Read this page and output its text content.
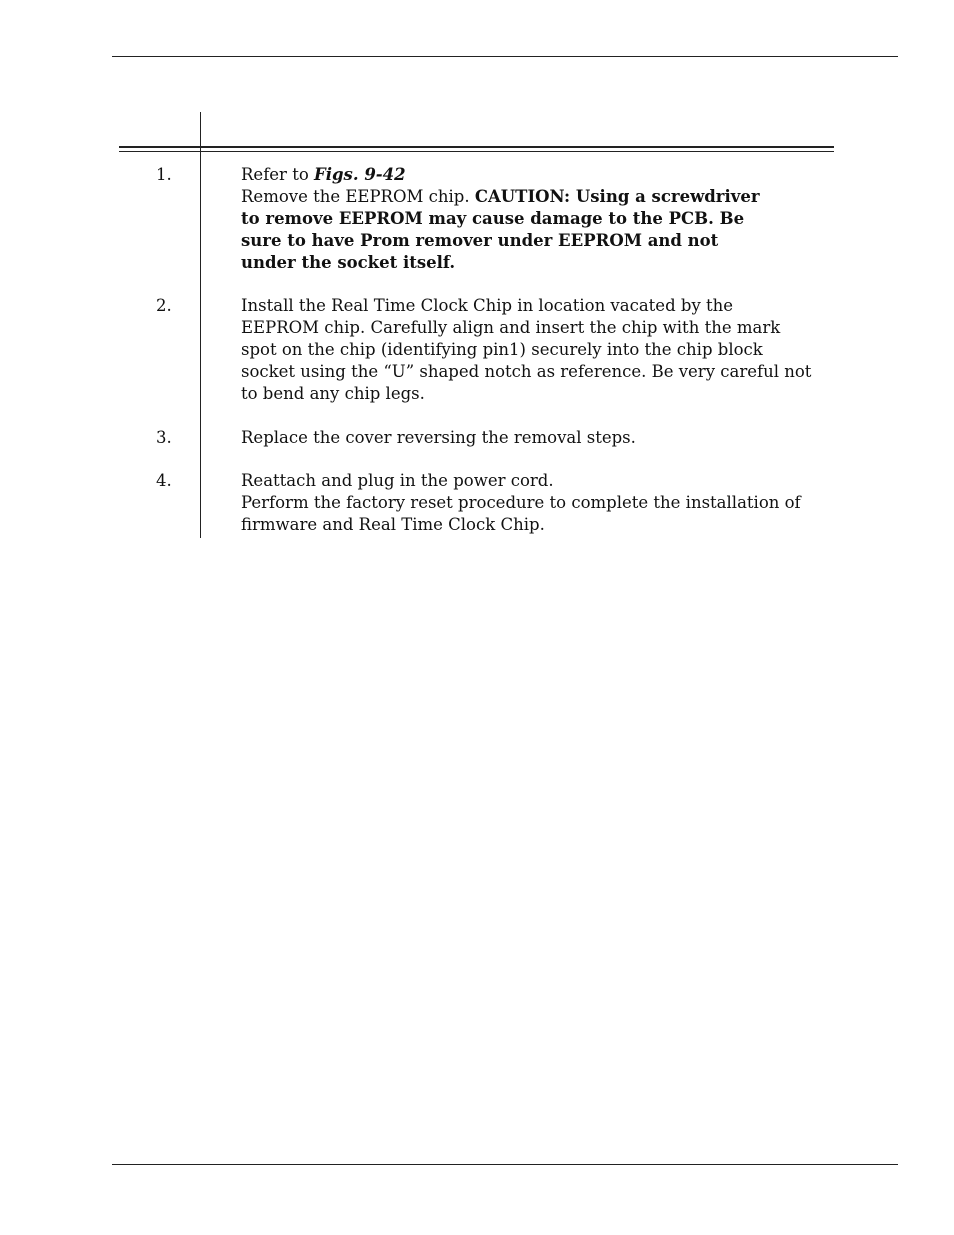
1.	Refer to Figs. 9-42
Remove the EEPROM chip. CAUTION: Using a screwdriver
to remove EEPROM may cause damage to the PCB. Be
sure to have Prom remover under EEPROM and not
under the socket itself.
2.	Install the Real Time Clock Chip in location vacated by the
EEPROM chip. Carefully align and insert the chip with the mark
spot on the chip (identifying pin1) securely into the chip block
socket using the “U” shaped notch as reference. Be very careful not
to bend any chip legs.
3.	Replace the cover reversing the removal steps.
4.	Reattach and plug in the power cord.
Perform the factory reset procedure to complete the installation of
firmware and Real Time Clock Chip.
